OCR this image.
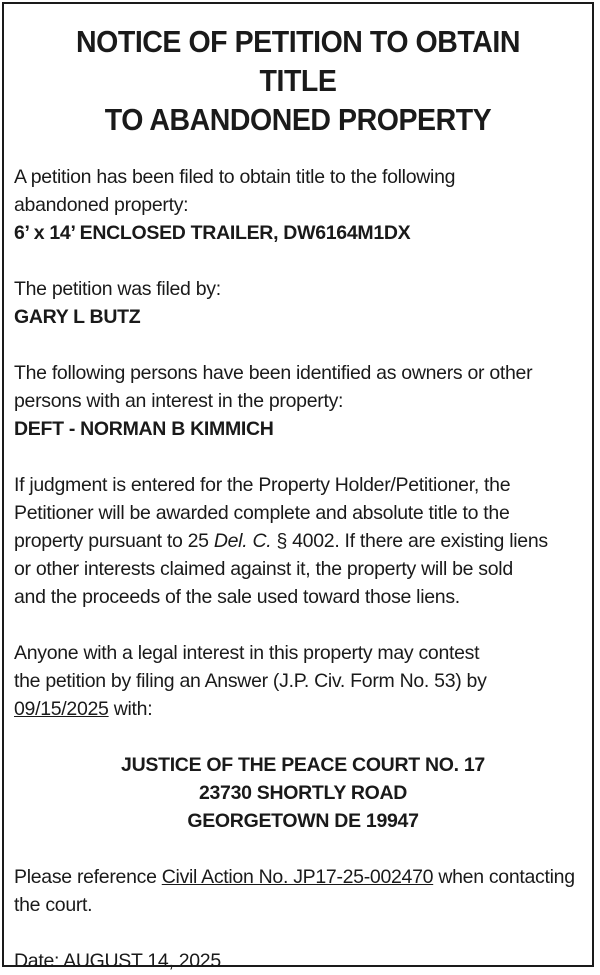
NOTICE OF PETITION TO OBTAIN TITLE
TO ABANDONED PROPERTY
A petition has been filed to obtain title to the following
abandoned property:
6’ x 14’ ENCLOSED TRAILER, DW6164M1DX
The petition was filed by:
GARY L BUTZ
The following persons have been identified as owners or other
persons with an interest in the property:
DEFT - NORMAN B KIMMICH
If judgment is entered for the Property Holder/Petitioner, the
Petitioner will be awarded complete and absolute title to the
property pursuant to 25 Del. C. § 4002. If there are existing liens
or other interests claimed against it, the property will be sold
and the proceeds of the sale used toward those liens.
Anyone with a legal interest in this property may contest
the petition by filing an Answer (J.P. Civ. Form No. 53) by
09/15/2025 with:
JUSTICE OF THE PEACE COURT NO. 17
23730 SHORTLY ROAD
GEORGETOWN DE 19947
Please reference Civil Action No. JP17-25-002470 when contacting
the court.
Date: AUGUST 14, 2025
